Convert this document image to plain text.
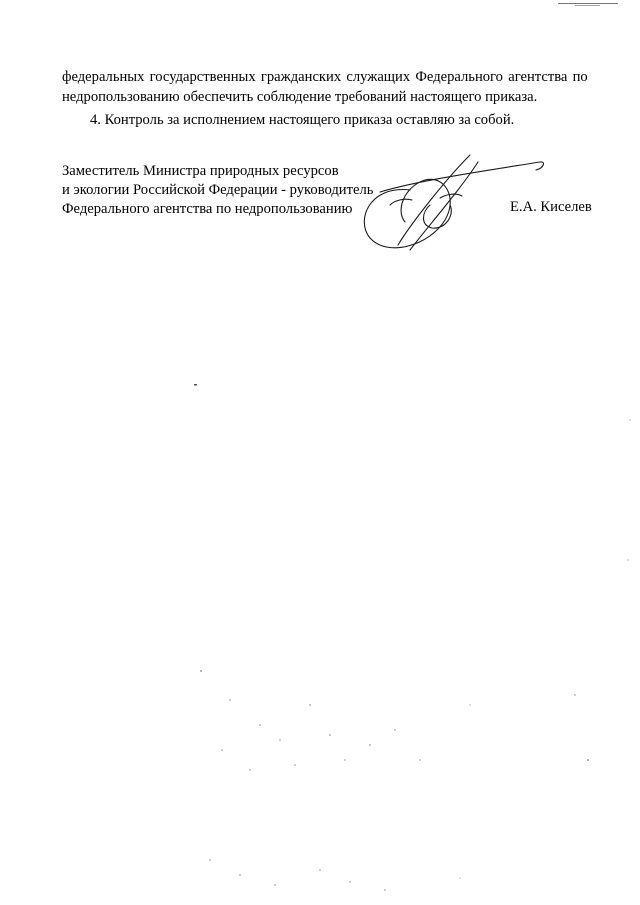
федеральных государственных гражданских служащих Федерального агентства по
недропользованию обеспечить соблюдение требований настоящего приказа.
4. Контроль за исполнением настоящего приказа оставляю за собой.
Заместитель Министра природных ресурсов
и экологии Российской Федерации - руководитель
Федерального агентства по недропользованию	Е.А. Киселев
